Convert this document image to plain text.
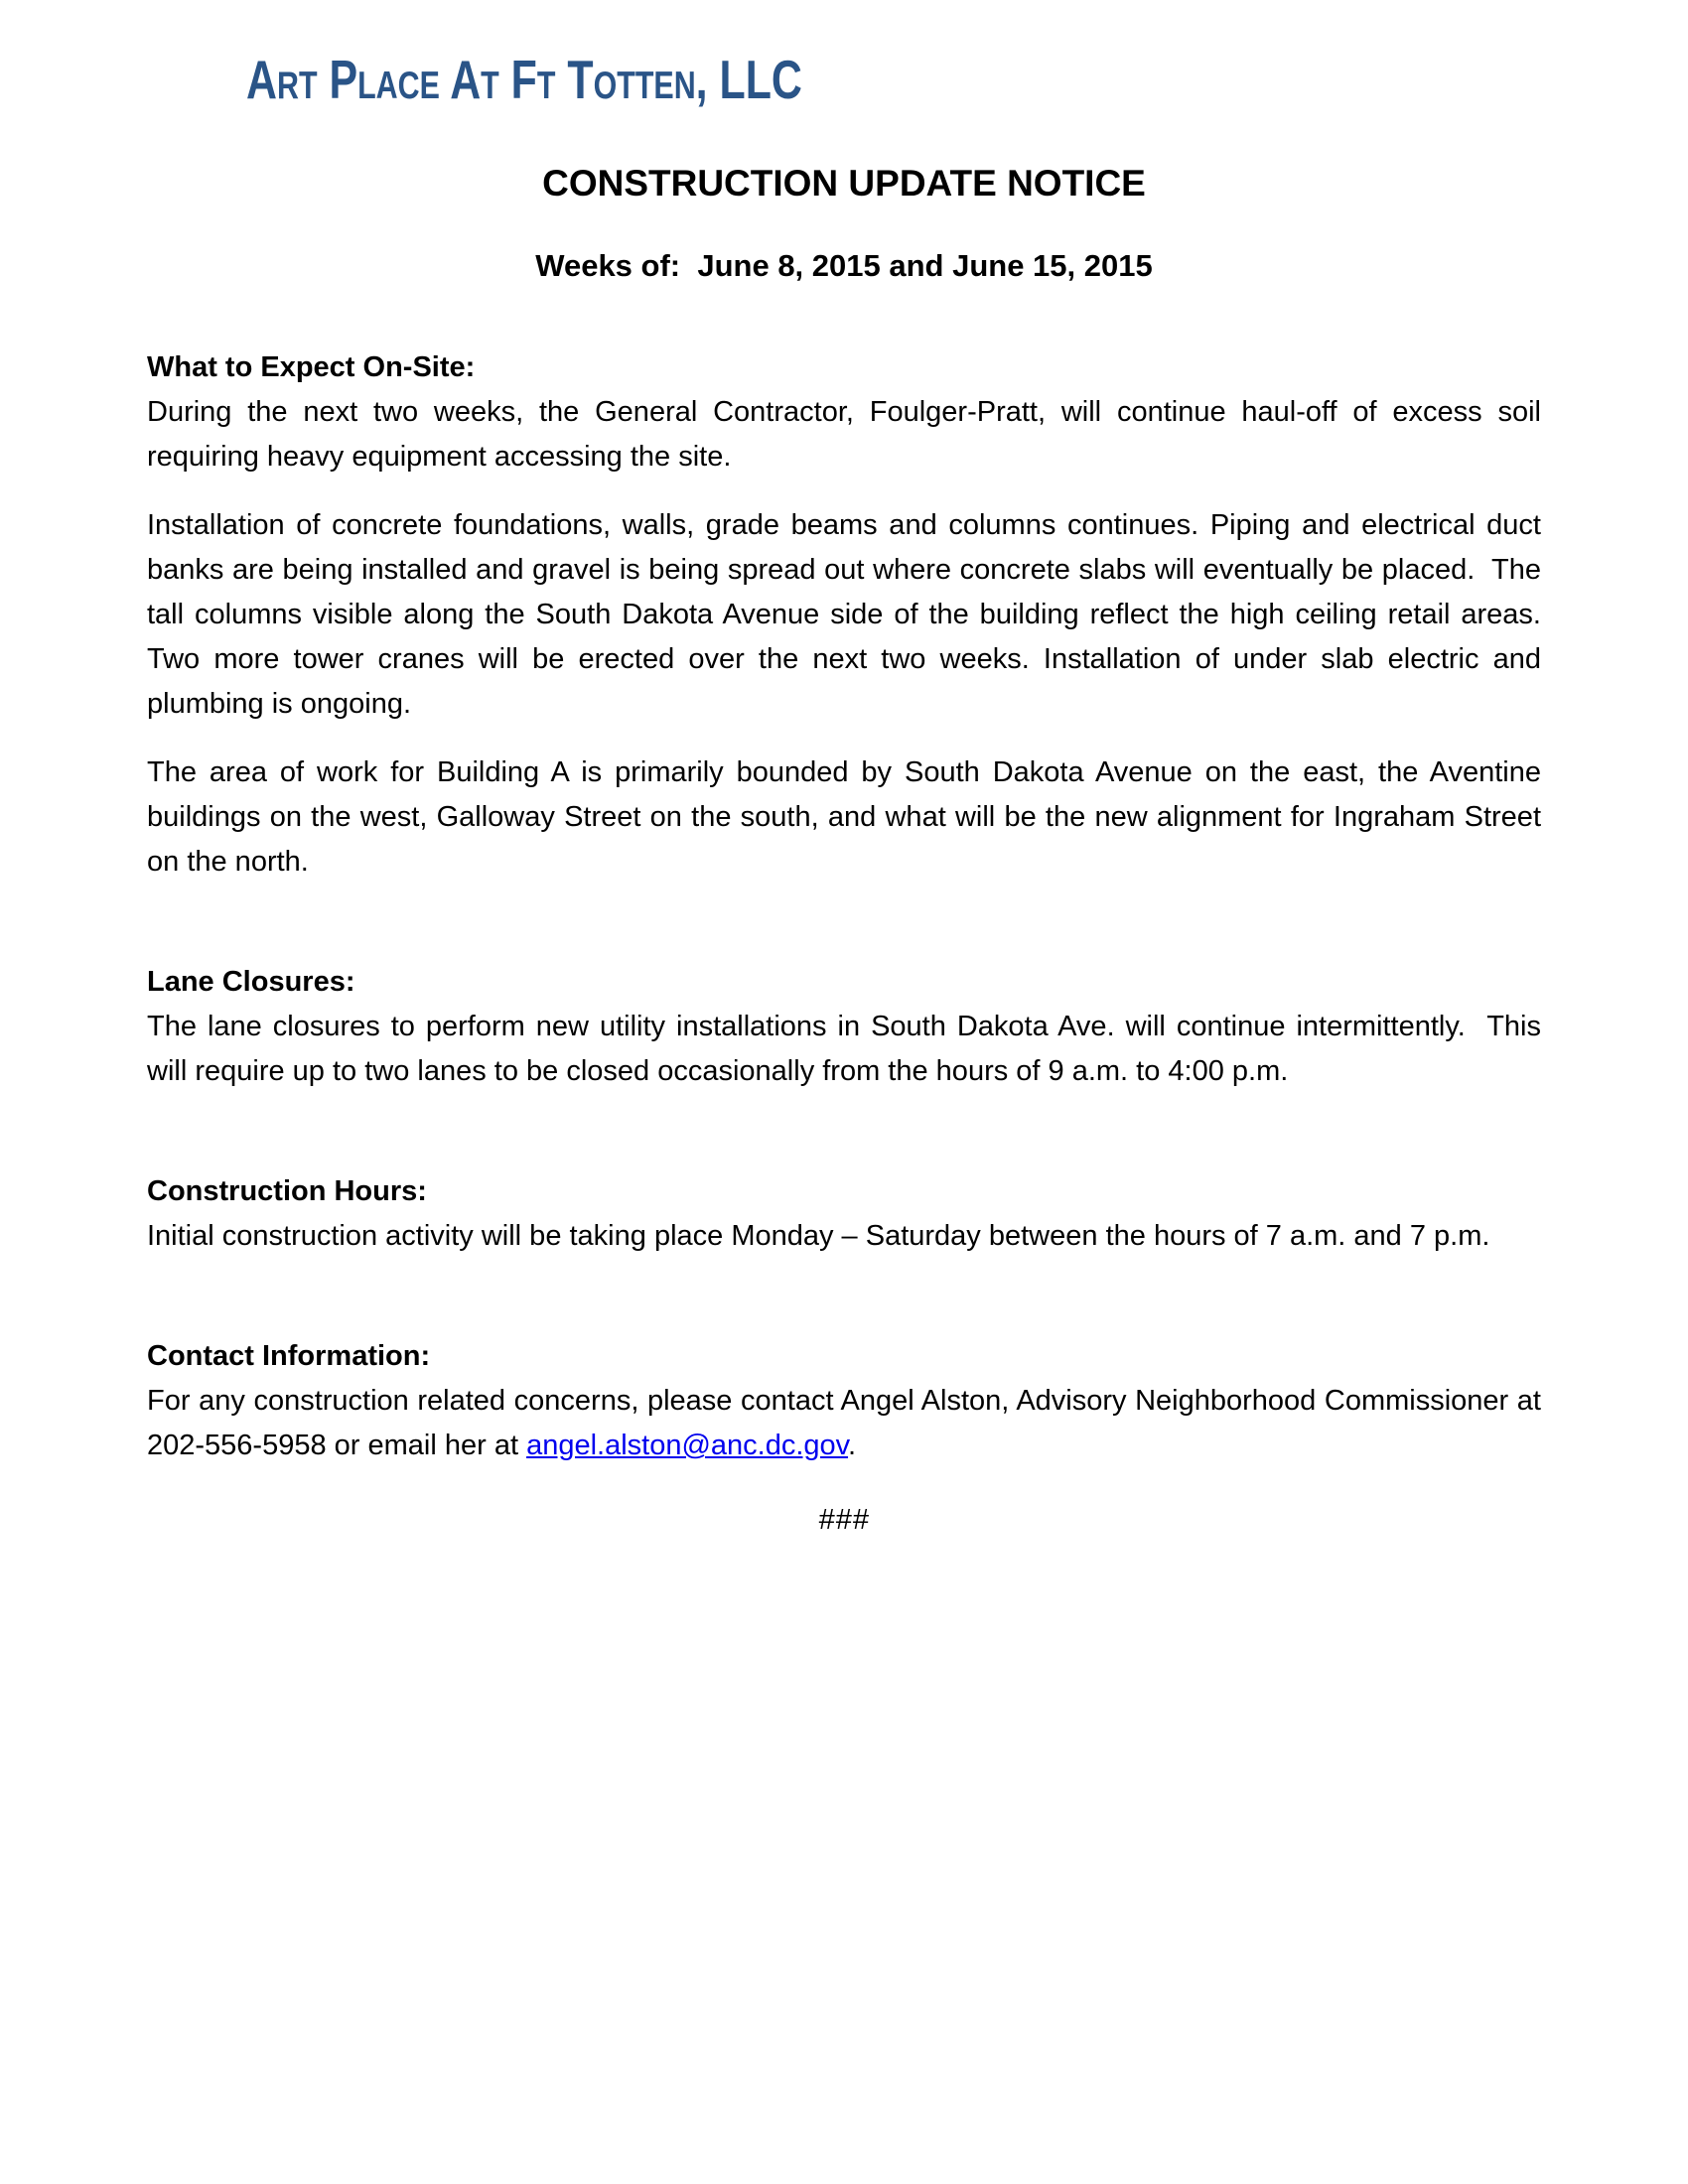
Art Place At Ft Totten, LLC
CONSTRUCTION UPDATE NOTICE
Weeks of:  June 8, 2015 and June 15, 2015
What to Expect On-Site:

During the next two weeks, the General Contractor, Foulger-Pratt, will continue haul-off of excess soil requiring heavy equipment accessing the site.

Installation of concrete foundations, walls, grade beams and columns continues. Piping and electrical duct banks are being installed and gravel is being spread out where concrete slabs will eventually be placed.  The tall columns visible along the South Dakota Avenue side of the building reflect the high ceiling retail areas.  Two more tower cranes will be erected over the next two weeks. Installation of under slab electric and plumbing is ongoing.

The area of work for Building A is primarily bounded by South Dakota Avenue on the east, the Aventine buildings on the west, Galloway Street on the south, and what will be the new alignment for Ingraham Street on the north.

Lane Closures:

The lane closures to perform new utility installations in South Dakota Ave. will continue intermittently.  This will require up to two lanes to be closed occasionally from the hours of 9 a.m. to 4:00 p.m.

Construction Hours:

Initial construction activity will be taking place Monday – Saturday between the hours of 7 a.m. and 7 p.m.

Contact Information:

For any construction related concerns, please contact Angel Alston, Advisory Neighborhood Commissioner at 202-556-5958 or email her at angel.alston@anc.dc.gov.

###
